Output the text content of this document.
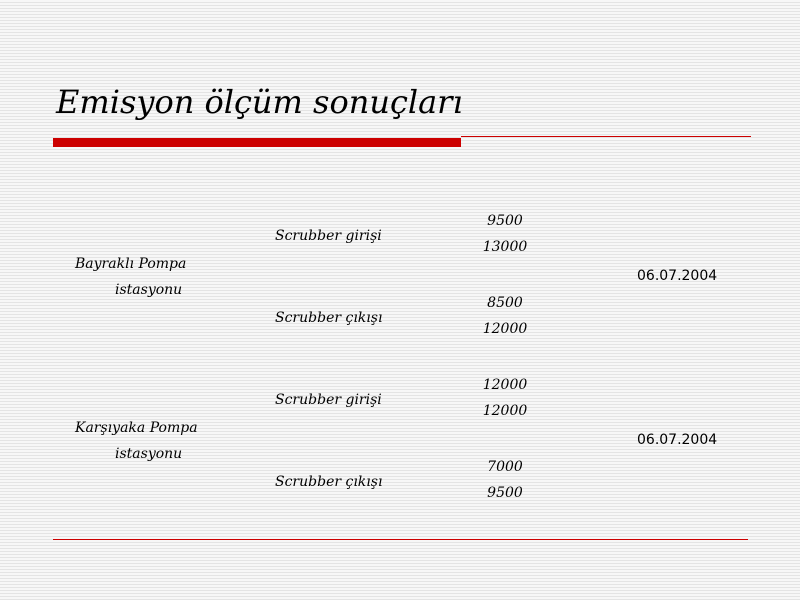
Emisyon ölçüm sonuçları
Bayraklı Pompa
istasyonu
Scrubber girişi
9500
13000
06.07.2004
Scrubber çıkışı
8500
12000
Karşıyaka Pompa
istasyonu
Scrubber girişi
12000
12000
06.07.2004
Scrubber çıkışı
7000
9500
